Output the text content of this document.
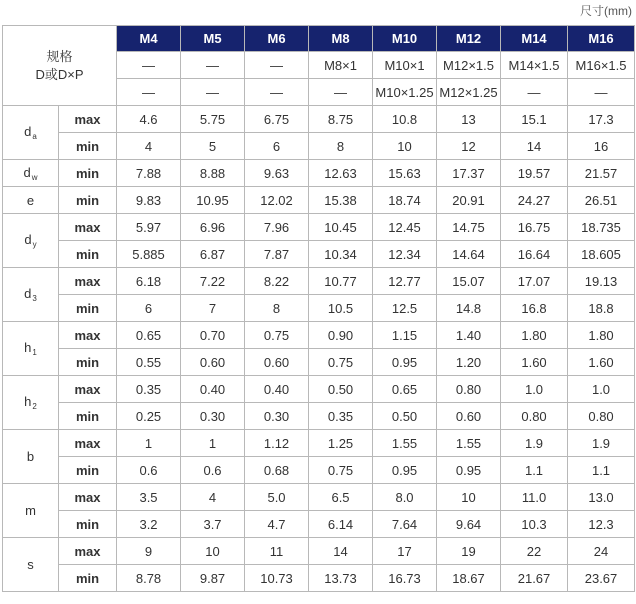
尺寸(mm)
规格
D或D×P		M4	M5	M6	M8	M10	M12	M14	M16
		—	—	—	M8×1	M10×1	M12×1.5	M14×1.5	M16×1.5
		—	—	—	—	M10×1.25	M12×1.25	—	—
$d_a$	max	4.6	5.75	6.75	8.75	10.8	13	15.1	17.3
	min	4	5	6	8	10	12	14	16
$d_w$	min	7.88	8.88	9.63	12.63	15.63	17.37	19.57	21.57
e	min	9.83	10.95	12.02	15.38	18.74	20.91	24.27	26.51
$d_y$	max	5.97	6.96	7.96	10.45	12.45	14.75	16.75	18.735
	min	5.885	6.87	7.87	10.34	12.34	14.64	16.64	18.605
$d_3$	max	6.18	7.22	8.22	10.77	12.77	15.07	17.07	19.13
	min	6	7	8	10.5	12.5	14.8	16.8	18.8
$h_1$	max	0.65	0.70	0.75	0.90	1.15	1.40	1.80	1.80
	min	0.55	0.60	0.60	0.75	0.95	1.20	1.60	1.60
$h_2$	max	0.35	0.40	0.40	0.50	0.65	0.80	1.0	1.0
	min	0.25	0.30	0.30	0.35	0.50	0.60	0.80	0.80
b	max	1	1	1.12	1.25	1.55	1.55	1.9	1.9
	min	0.6	0.6	0.68	0.75	0.95	0.95	1.1	1.1
m	max	3.5	4	5.0	6.5	8.0	10	11.0	13.0
	min	3.2	3.7	4.7	6.14	7.64	9.64	10.3	12.3
s	max	9	10	11	14	17	19	22	24
	min	8.78	9.87	10.73	13.73	16.73	18.67	21.67	23.67
